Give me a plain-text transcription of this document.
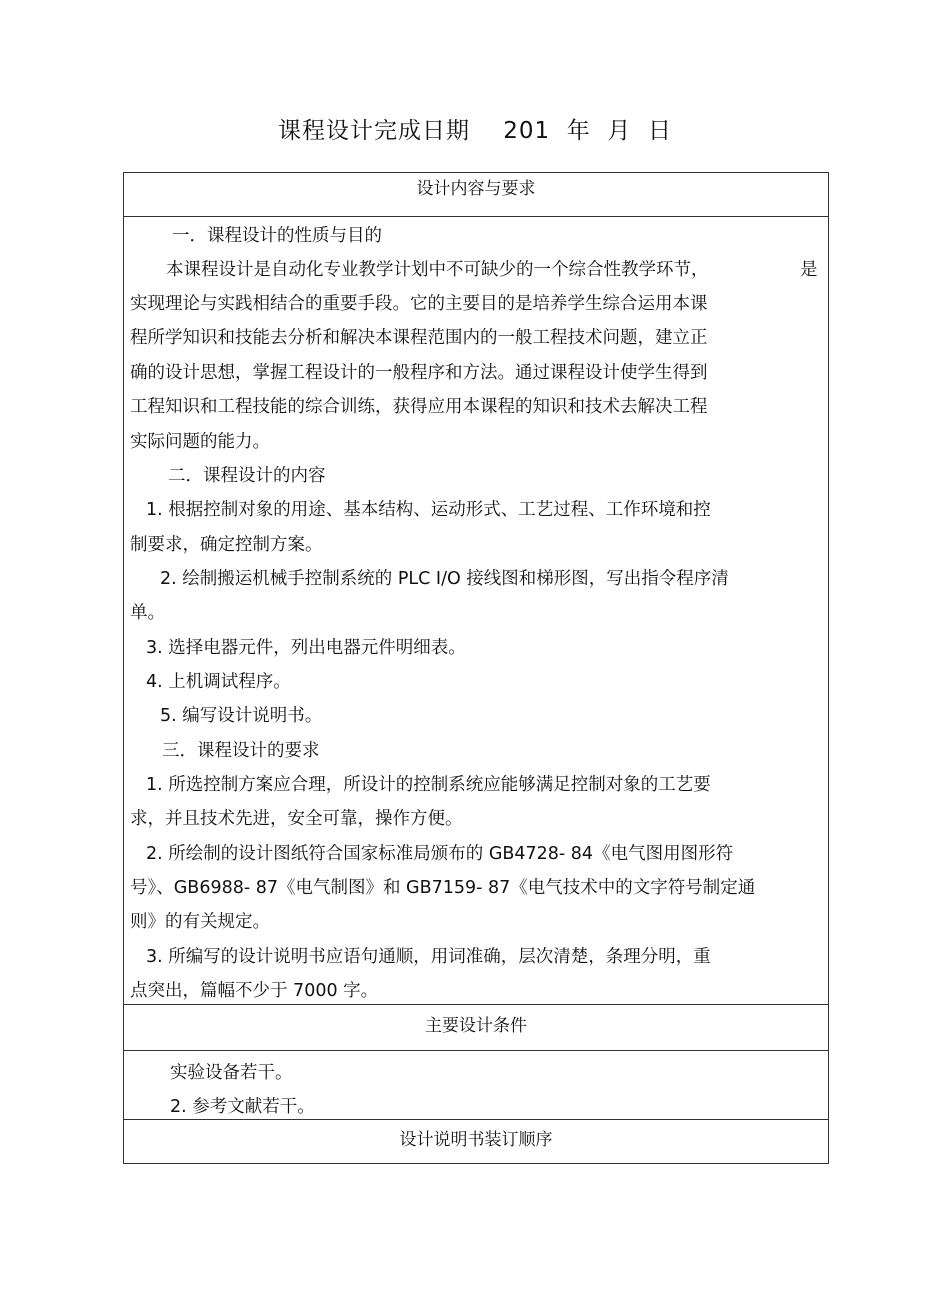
课程设计完成日期    201  年  月  日
设计内容与要求
一．课程设计的性质与目的
本课程设计是自动化专业教学计划中不可缺少的一个综合性教学环节，	是
实现理论与实践相结合的重要手段。它的主要目的是培养学生综合运用本课
程所学知识和技能去分析和解决本课程范围内的一般工程技术问题，建立正
确的设计思想，掌握工程设计的一般程序和方法。通过课程设计使学生得到
工程知识和工程技能的综合训练，获得应用本课程的知识和技术去解决工程
实际问题的能力。
二．课程设计的内容
1. 根据控制对象的用途、基本结构、运动形式、工艺过程、工作环境和控
制要求，确定控制方案。
2. 绘制搬运机械手控制系统的 PLC I/O 接线图和梯形图，写出指令程序清
单。
3. 选择电器元件，列出电器元件明细表。
4. 上机调试程序。
5. 编写设计说明书。
三．课程设计的要求
1. 所选控制方案应合理，所设计的控制系统应能够满足控制对象的工艺要
求，并且技术先进，安全可靠，操作方便。
2. 所绘制的设计图纸符合国家标准局颁布的 GB4728- 84《电气图用图形符
号》、GB6988- 87《电气制图》和 GB7159- 87《电气技术中的文字符号制定通
则》的有关规定。
3. 所编写的设计说明书应语句通顺，用词准确，层次清楚，条理分明，重
点突出，篇幅不少于 7000 字。
主要设计条件
实验设备若干。
2. 参考文献若干。
设计说明书装订顺序
